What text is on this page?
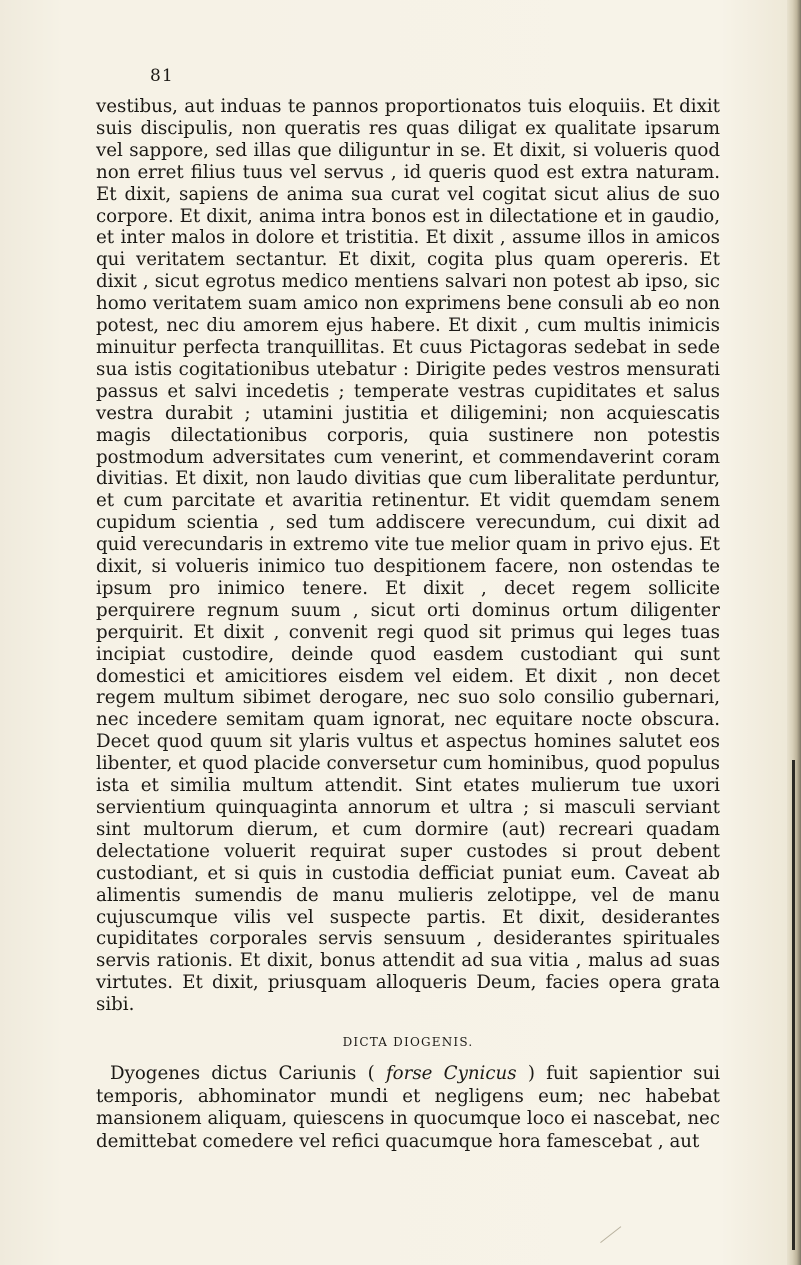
81

vestibus, aut induas te pannos proportionatos tuis eloquiis. Et dixit suis discipulis, non queratis res quas diligat ex qualitate ipsarum vel sappore, sed illas que diliguntur in se. Et dixit, si volueris quod non erret filius tuus vel servus , id queris quod est extra naturam. Et dixit, sapiens de anima sua curat vel cogitat sicut alius de suo corpore. Et dixit, anima intra bonos est in dilectatione et in gaudio, et inter malos in dolore et tristitia. Et dixit , assume illos in amicos qui veritatem sectantur. Et dixit, cogita plus quam opereris. Et dixit , sicut egrotus medico mentiens salvari non potest ab ipso, sic homo veritatem suam amico non exprimens bene consuli ab eo non potest, nec diu amorem ejus habere. Et dixit , cum multis inimicis minuitur perfecta tranquillitas. Et cuus Pictagoras sedebat in sede sua istis cogitationibus utebatur : Dirigite pedes vestros mensurati passus et salvi incedetis ; temperate vestras cupiditates et salus vestra durabit ; utamini justitia et diligemini; non acquiescatis magis dilectationibus corporis, quia sustinere non potestis postmodum adversitates cum venerint, et commendaverint coram divitias. Et dixit, non laudo divitias que cum liberalitate perduntur, et cum parcitate et avaritia retinentur. Et vidit quemdam senem cupidum scientia , sed tum addiscere verecundum, cui dixit ad quid verecundaris in extremo vite tue melior quam in privo ejus. Et dixit, si volueris inimico tuo despitionem facere, non ostendas te ipsum pro inimico tenere. Et dixit , decet regem sollicite perquirere regnum suum , sicut orti dominus ortum diligenter perquirit. Et dixit , convenit regi quod sit primus qui leges tuas incipiat custodire, deinde quod easdem custodiant qui sunt domestici et amicitiores eisdem vel eidem. Et dixit , non decet regem multum sibimet derogare, nec suo solo consilio gubernari, nec incedere semitam quam ignorat, nec equitare nocte obscura. Decet quod quum sit ylaris vultus et aspectus homines salutet eos libenter, et quod placide conversetur cum hominibus, quod populus ista et similia multum attendit. Sint etates mulierum tue uxori servientium quinquaginta annorum et ultra ; si masculi serviant sint multorum dierum, et cum dormire (aut) recreari quadam delectatione voluerit requirat super custodes si prout debent custodiant, et si quis in custodia defficiat puniat eum. Caveat ab alimentis sumendis de manu mulieris zelotippe, vel de manu cujuscumque vilis vel suspecte partis. Et dixit, desiderantes cupiditates corporales servis sensuum , desiderantes spirituales servis rationis. Et dixit, bonus attendit ad sua vitia , malus ad suas virtutes. Et dixit, priusquam alloqueris Deum, facies opera grata sibi.

DICTA DIOGENIS.

Dyogenes dictus Cariunis ( forse Cynicus ) fuit sapientior sui temporis, abhominator mundi et negligens eum; nec habebat mansionem aliquam, quiescens in quocumque loco ei nascebat, nec demittebat comedere vel refici quacumque hora famescebat , aut
